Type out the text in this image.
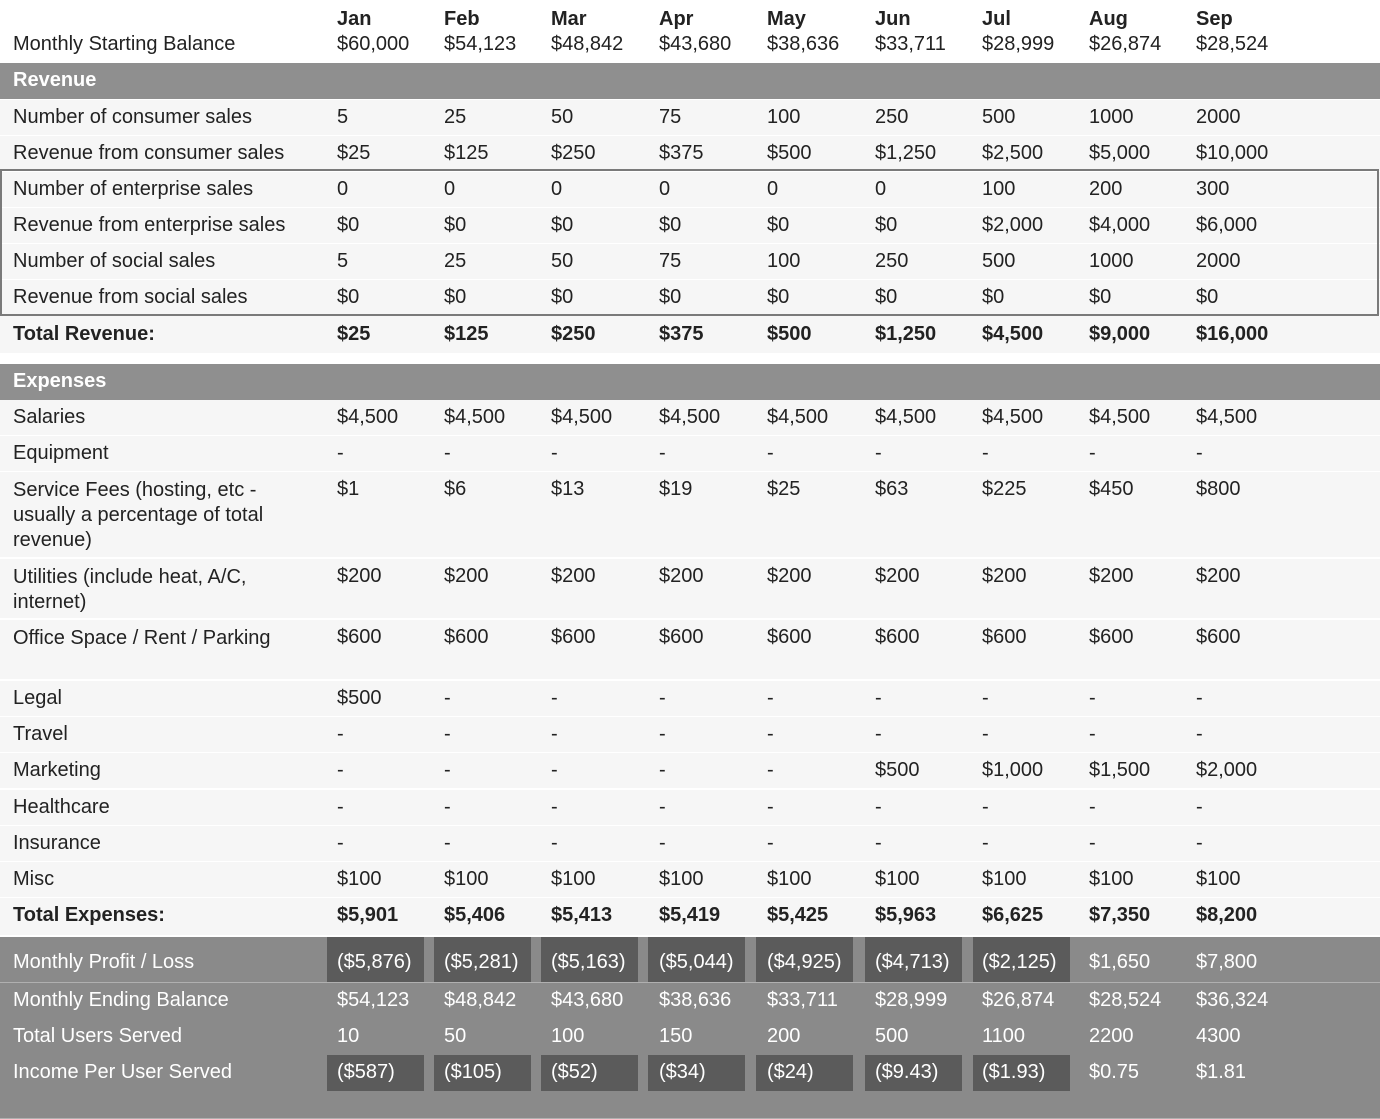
Jan	Feb	Mar	Apr	May	Jun	Jul	Aug	Sep
Monthly Starting Balance	$60,000 $54,123 $48,842 $43,680 $38,636 $33,711 $28,999 $26,874 $28,524
Revenue
Number of consumer sales	5	25	50	75	100	250	500	1000	2000
Revenue from consumer sales	$25	$125	$250	$375	$500	$1,250 $2,500 $5,000 $10,000
Number of enterprise sales	0	0	0	0	0	0	100	200	300
Revenue from enterprise sales	$0	$0	$0	$0	$0	$0	$2,000 $4,000 $6,000
Number of social sales	5	25	50	75	100	250	500	1000	2000
Revenue from social sales	$0	$0	$0	$0	$0	$0	$0	$0	$0
Total Revenue:	$25	$125	$250	$375	$500	$1,250 $4,500 $9,000 $16,000
Expenses
Salaries	$4,500 $4,500 $4,500 $4,500 $4,500 $4,500 $4,500 $4,500 $4,500
Equipment	-	-	-	-	-	-	-	-	-
Service Fees (hosting, etc - usually a percentage of total revenue)
$1	$6	$13	$19	$25	$63	$225	$450	$800
Utilities (include heat, A/C, internet)
$200	$200	$200	$200	$200	$200	$200	$200	$200
Office Space / Rent / Parking	$600	$600	$600	$600	$600	$600	$600	$600	$600
Legal	$500	-	-	-	-	-	-	-	-
Travel	-	-	-	-	-	-	-	-	-
Marketing	-	-	-	-	-	$500	$1,000 $1,500 $2,000
Healthcare	-	-	-	-	-	-	-	-	-
Insurance	-	-	-	-	-	-	-	-	-
Misc	$100	$100	$100	$100	$100	$100	$100	$100	$100
Total Expenses:	$5,901 $5,406 $5,413 $5,419 $5,425 $5,963 $6,625 $7,350 $8,200
Monthly Profit / Loss	($5,876) ($5,281) ($5,163) ($5,044) ($4,925) ($4,713) ($2,125) $1,650 $7,800
Monthly Ending Balance	$54,123 $48,842 $43,680 $38,636 $33,711 $28,999 $26,874 $28,524 $36,324
Total Users Served	10	50	100	150	200	500	1100	2200	4300
Income Per User Served	($587) ($105) ($52)	($34)	($24)	($9.43) ($1.93) $0.75	$1.81
